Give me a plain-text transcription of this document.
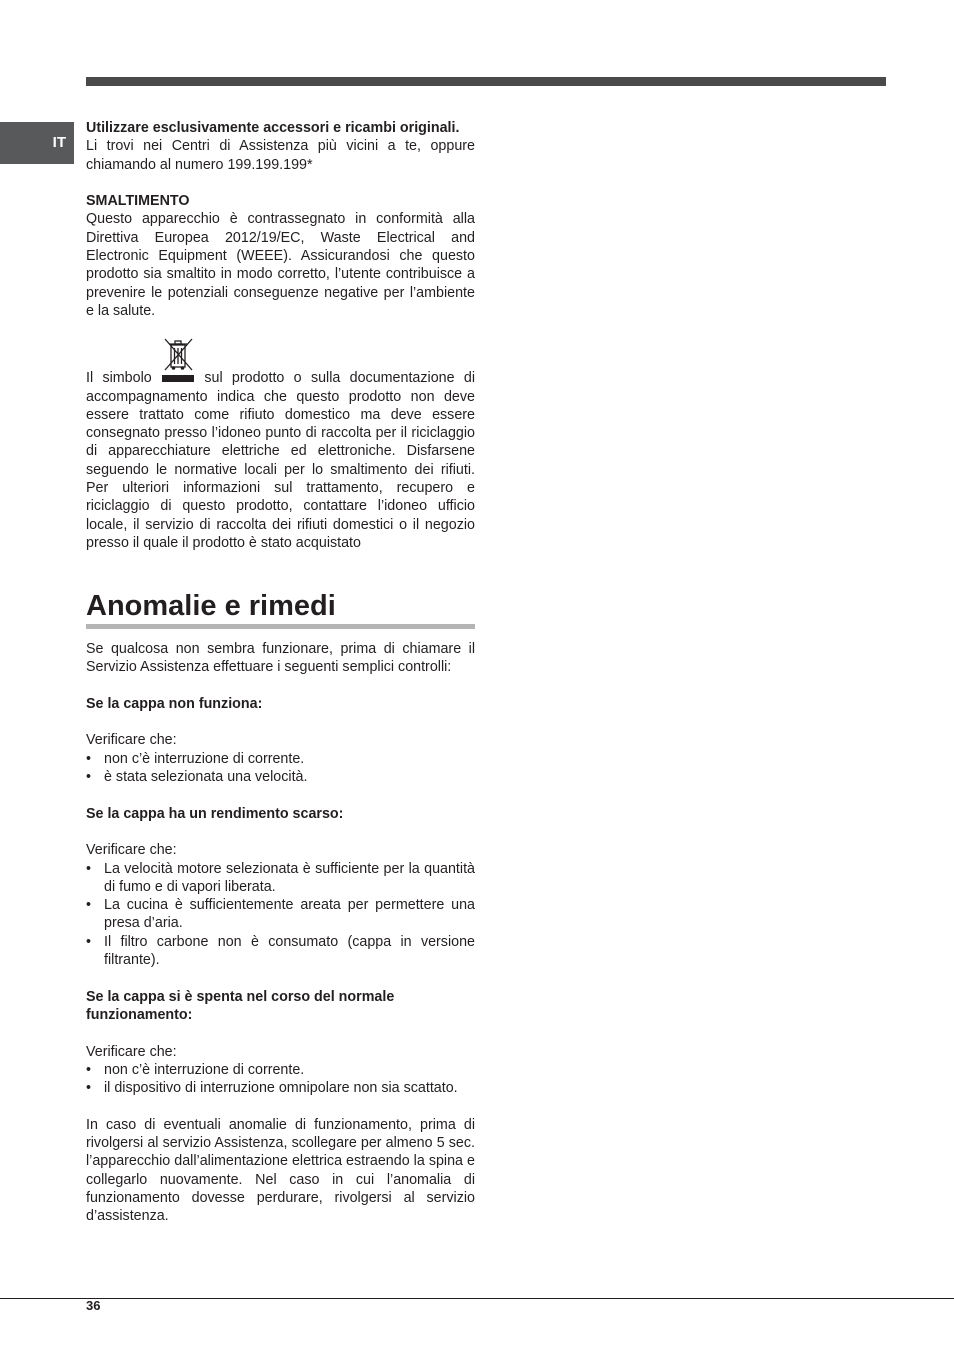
IT

Utilizzare esclusivamente accessori e ricambi originali.

Li trovi nei Centri di Assistenza più vicini a te, oppure chiamando al numero 199.199.199*

SMALTIMENTO

Questo apparecchio è contrassegnato in conformità alla Direttiva Europea 2012/19/EC, Waste Electrical and Electronic Equipment (WEEE). Assicurandosi che questo prodotto sia smaltito in modo corretto, l’utente contribuisce a prevenire le potenziali conseguenze negative per l’ambiente e la salute.

Il simbolo	sul prodotto o sulla documentazione di accompagnamento indica che questo prodotto non deve essere trattato come rifiuto domestico ma deve essere consegnato presso l’idoneo punto di raccolta per il riciclaggio di apparecchiature elettriche ed elettroniche. Disfarsene seguendo le normative locali per lo smaltimento dei rifiuti. Per ulteriori informazioni sul trattamento, recupero e riciclaggio di questo prodotto, contattare l’idoneo ufficio locale, il servizio di raccolta dei rifiuti domestici o il negozio presso il quale il prodotto è stato acquistato

Anomalie e rimedi

Se qualcosa non sembra funzionare, prima di chiamare il Servizio Assistenza effettuare i seguenti semplici controlli:

Se la cappa non funziona:

Verificare che:

• non c’è interruzione di corrente.
• è stata selezionata una velocità.

Se la cappa ha un rendimento scarso:

Verificare che:

• La velocità motore selezionata è sufficiente per la quantità di fumo e di vapori liberata.
• La cucina è sufficientemente areata per permettere una presa d’aria.
• Il filtro carbone non è consumato (cappa in versione filtrante).

Se la cappa si è spenta nel corso del normale funzionamento:

Verificare che:

• non c’è interruzione di corrente.
• il dispositivo di interruzione omnipolare non sia scattato.

In caso di eventuali anomalie di funzionamento, prima di rivolgersi al servizio Assistenza, scollegare per almeno 5 sec. l’apparecchio dall’alimentazione elettrica estraendo la spina e collegarlo nuovamente. Nel caso in cui l’anomalia di funzionamento dovesse perdurare, rivolgersi al servizio d’assistenza.

36
